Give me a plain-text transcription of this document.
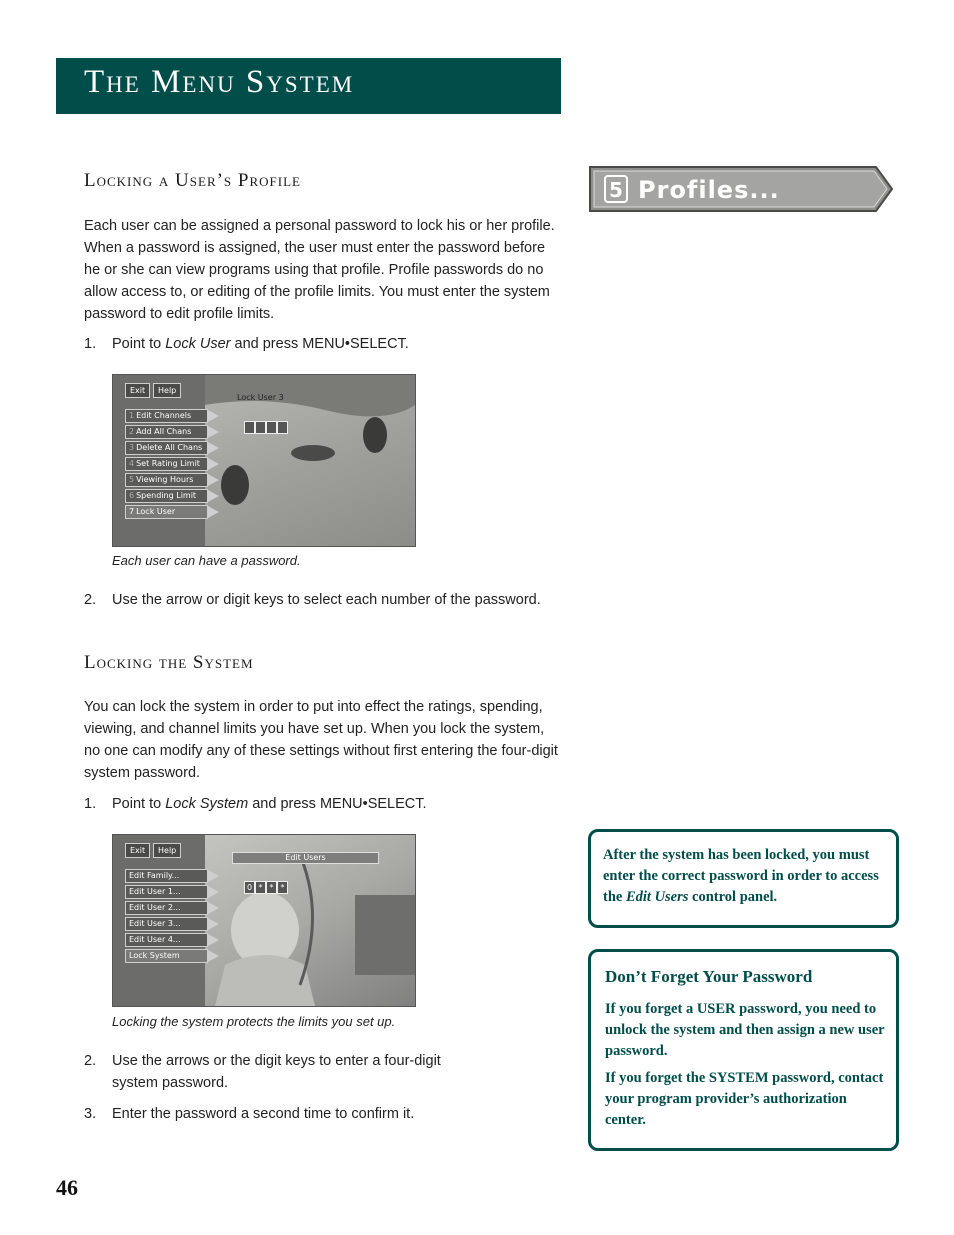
The Menu System
5 Profiles...
Locking a User’s Profile
Each user can be assigned a personal password to lock his or her profile. When a password is assigned, the user must enter the password before he or she can view programs using that profile. Profile passwords do no allow access to, or editing of the profile limits. You must enter the system password to edit profile limits.
1. Point to Lock User and press MENU•SELECT.
Exit	Help
Lock User 3
1 Edit Channels
2 Add All Chans
3 Delete All Chans
4 Set Rating Limit
5 Viewing Hours
6 Spending Limit
7 Lock User
Each user can have a password.
2. Use the arrow or digit keys to select each number of the password.
Locking the System
You can lock the system in order to put into effect the ratings, spending, viewing, and channel limits you have set up. When you lock the system, no one can modify any of these settings without first entering the four-digit system password.
1. Point to Lock System and press MENU•SELECT.
Exit	Help
Edit Users
0 * * *
Edit Family...
Edit User 1...
Edit User 2...
Edit User 3...
Edit User 4...
Lock System
Locking the system protects the limits you set up.
2. Use the arrows or the digit keys to enter a four-digit
system password.
3. Enter the password a second time to confirm it.
After the system has been locked, you must enter the correct password in order to access the Edit Users control panel.
Don’t Forget Your Password
If you forget a USER password, you need to unlock the system and then assign a new user password.
If you forget the SYSTEM password, contact your program provider’s authorization center.
46
